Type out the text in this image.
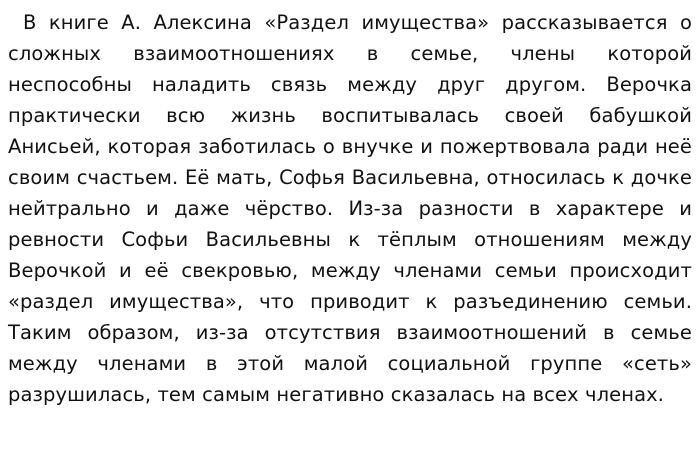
В книге А. Алексина «Раздел имущества» рассказывается о сложных взаимоотношениях в семье, члены которой неспособны наладить связь между друг другом. Верочка практически всю жизнь воспитывалась своей бабушкой Анисьей, которая заботилась о внучке и пожертвовала ради неё своим счастьем. Её мать, Софья Васильевна, относилась к дочке нейтрально и даже чёрство. Из-за разности в характере и ревности Софьи Васильевны к тёплым отношениям между Верочкой и её свекровью, между членами семьи происходит «раздел имущества», что приводит к разъединению семьи. Таким образом, из-за отсутствия взаимоотношений в семье между членами в этой малой социальной группе «сеть» разрушилась, тем самым негативно сказалась на всех членах.
